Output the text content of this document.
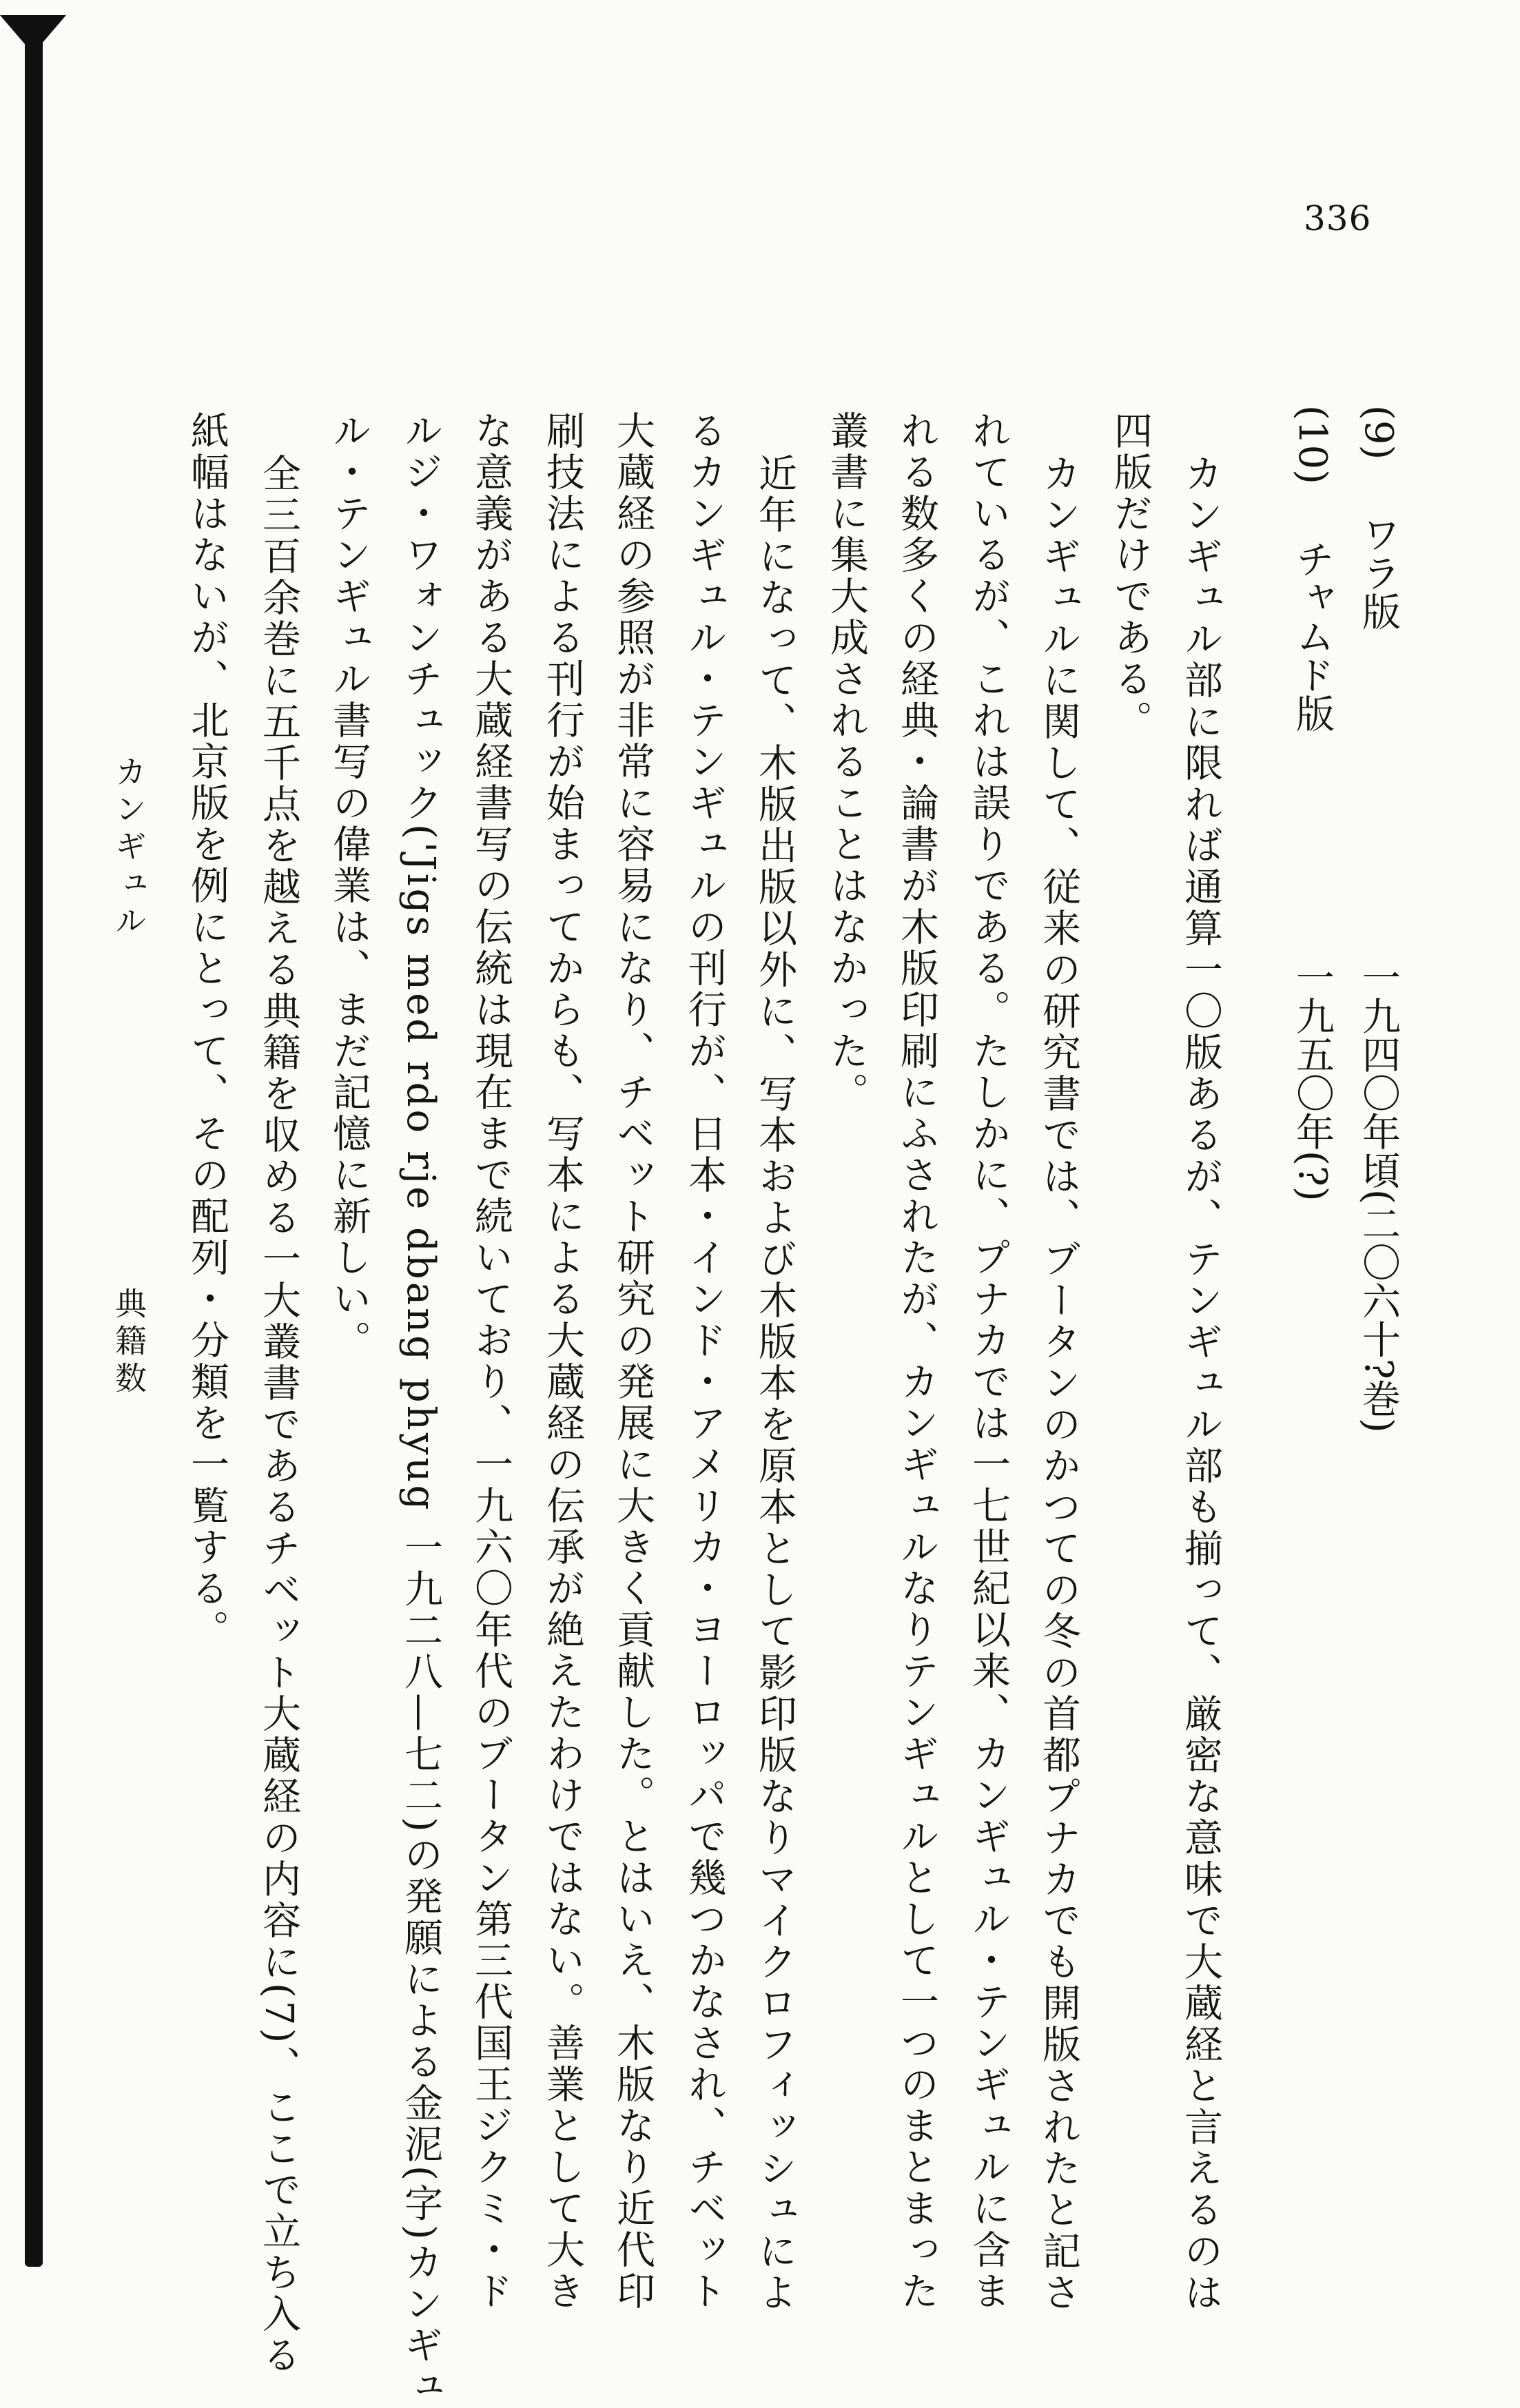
336
(9)ワラ版
一九四〇年頃(二〇六十?巻)
(10)チャムド版
一九五〇年(?)
カンギュル部に限れば通算一〇版あるが、テンギュル部も揃って、厳密な意味で大蔵経と言えるのは
四版だけである。
カンギュルに関して、従来の研究書では、ブータンのかつての冬の首都プナカでも開版されたと記さ
れているが、これは誤りである。たしかに、プナカでは一七世紀以来、カンギュル・テンギュルに含ま
れる数多くの経典・論書が木版印刷にふされたが、カンギュルなりテンギュルとして一つのまとまった
叢書に集大成されることはなかった。
近年になって、木版出版以外に、写本および木版本を原本として影印版なりマイクロフィッシュによ
るカンギュル・テンギュルの刊行が、日本・インド・アメリカ・ヨーロッパで幾つかなされ、チベット
大蔵経の参照が非常に容易になり、チベット研究の発展に大きく貢献した。とはいえ、木版なり近代印
刷技法による刊行が始まってからも、写本による大蔵経の伝承が絶えたわけではない。善業として大き
な意義がある大蔵経書写の伝統は現在まで続いており、一九六〇年代のブータン第三代国王ジクミ・ド
ルジ・ワォンチュック('Jigs med rdo rje dbang phyug 一九二八—七二)の発願による金泥(字)カンギュ
ル・テンギュル書写の偉業は、まだ記憶に新しい。
全三百余巻に五千点を越える典籍を収める一大叢書であるチベット大蔵経の内容に(7)、ここで立ち入る
紙幅はないが、北京版を例にとって、その配列・分類を一覧する。
カンギュル
典籍数
